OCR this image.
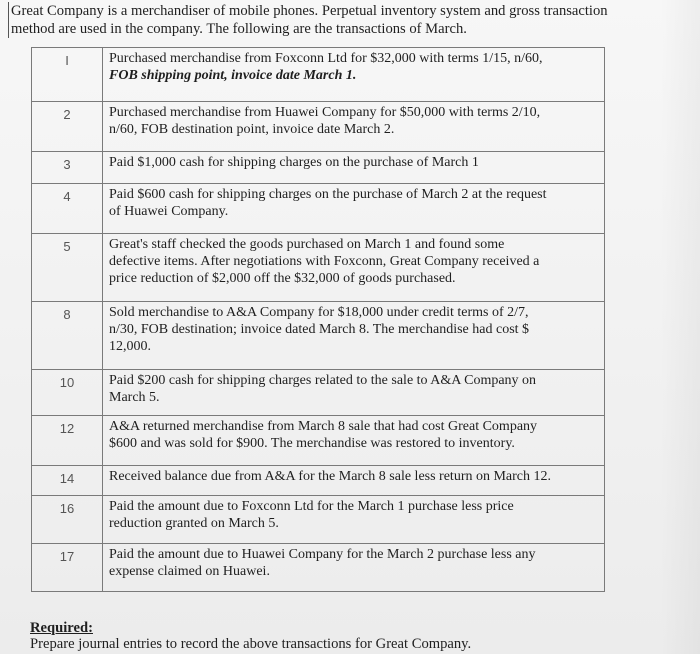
Great Company is a merchandiser of mobile phones. Perpetual inventory system and gross transaction
method are used in the company. The following are the transactions of March.
I	Purchased merchandise from Foxconn Ltd for $32,000 with terms 1/15, n/60,
FOB shipping point, invoice date March 1.

2	Purchased merchandise from Huawei Company for $50,000 with terms 2/10,
n/60, FOB destination point, invoice date March 2.

3	Paid $1,000 cash for shipping charges on the purchase of March 1

4	Paid $600 cash for shipping charges on the purchase of March 2 at the request
of Huawei Company.

5	Great's staff checked the goods purchased on March 1 and found some
defective items. After negotiations with Foxconn, Great Company received a
price reduction of $2,000 off the $32,000 of goods purchased.

8	Sold merchandise to A&A Company for $18,000 under credit terms of 2/7,
n/30, FOB destination; invoice dated March 8. The merchandise had cost $
12,000.

10	Paid $200 cash for shipping charges related to the sale to A&A Company on
March 5.

12	A&A returned merchandise from March 8 sale that had cost Great Company
$600 and was sold for $900. The merchandise was restored to inventory.

14	Received balance due from A&A for the March 8 sale less return on March 12.

16	Paid the amount due to Foxconn Ltd for the March 1 purchase less price
reduction granted on March 5.

17	Paid the amount due to Huawei Company for the March 2 purchase less any
expense claimed on Huawei.
Required:
Prepare journal entries to record the above transactions for Great Company.
